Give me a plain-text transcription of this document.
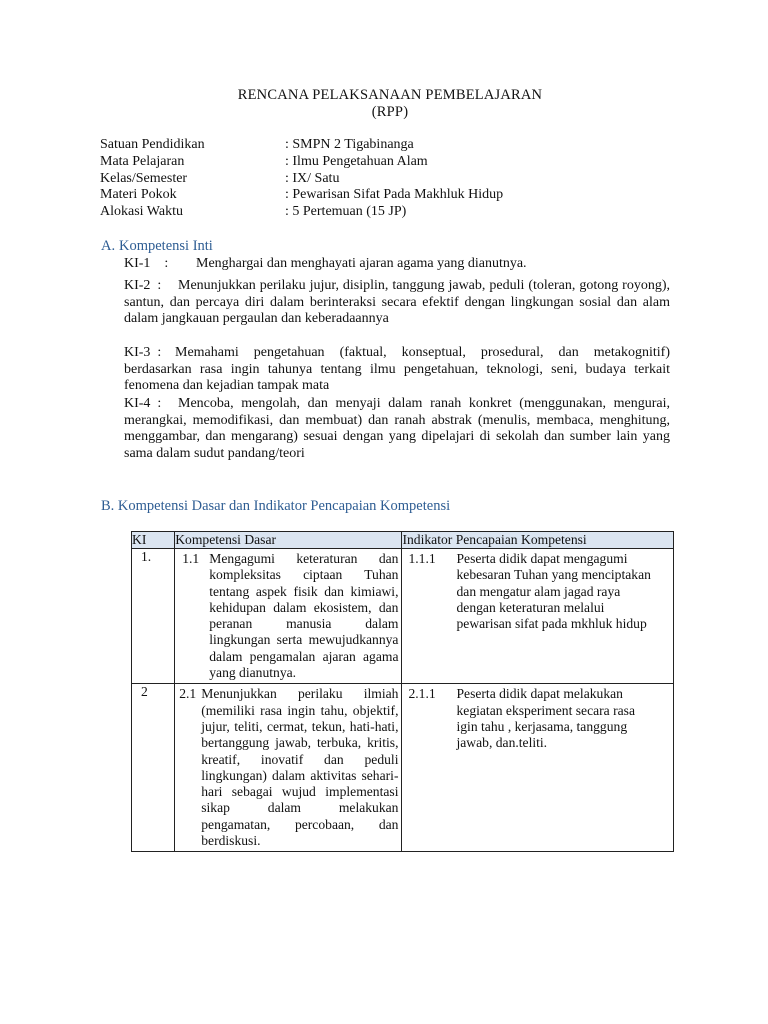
RENCANA PELAKSANAAN PEMBELAJARAN
(RPP)
Satuan Pendidikan	: SMPN 2 Tigabinanga
Mata Pelajaran	: Ilmu Pengetahuan Alam
Kelas/Semester	: IX/ Satu
Materi Pokok	: Pewarisan Sifat Pada Makhluk Hidup
Alokasi Waktu	: 5 Pertemuan (15 JP)
A. Kompetensi Inti
KI-1    : Menghargai dan menghayati ajaran agama yang dianutnya.
KI-2  :	Menunjukkan perilaku jujur, disiplin, tanggung jawab, peduli (toleran, gotong royong), santun, dan percaya diri dalam berinteraksi secara efektif dengan lingkungan sosial dan alam dalam jangkauan pergaulan dan keberadaannya
KI-3  : Memahami pengetahuan (faktual, konseptual, prosedural, dan metakognitif) berdasarkan rasa ingin tahunya tentang ilmu pengetahuan, teknologi, seni, budaya terkait fenomena dan kejadian tampak mata
KI-4  :	Mencoba, mengolah, dan menyaji dalam ranah konkret (menggunakan, mengurai, merangkai, memodifikasi, dan membuat) dan ranah abstrak (menulis, membaca, menghitung, menggambar, dan mengarang) sesuai dengan yang dipelajari di sekolah dan sumber lain yang sama dalam sudut pandang/teori
B. Kompetensi Dasar dan Indikator Pencapaian Kompetensi
KI	Kompetensi Dasar	Indikator Pencapaian Kompetensi
1.	1.1 Mengagumi keteraturan dan kompleksitas ciptaan Tuhan tentang aspek fisik dan kimiawi, kehidupan dalam ekosistem, dan peranan manusia dalam lingkungan serta mewujudkannya dalam pengamalan ajaran agama yang dianutnya.	1.1.1 Peserta didik dapat mengagumi kebesaran Tuhan yang menciptakan dan mengatur alam jagad raya dengan keteraturan melalui pewarisan sifat pada mkhluk hidup

2	2.1 Menunjukkan perilaku ilmiah (memiliki rasa ingin tahu, objektif, jujur, teliti, cermat, tekun, hati-hati, bertanggung jawab, terbuka, kritis, kreatif, inovatif dan peduli lingkungan) dalam aktivitas sehari-hari sebagai wujud implementasi sikap dalam melakukan pengamatan, percobaan, dan berdiskusi.	2.1.1 Peserta didik dapat melakukan kegiatan eksperiment secara rasa igin tahu , kerjasama, tanggung jawab, dan.teliti.
